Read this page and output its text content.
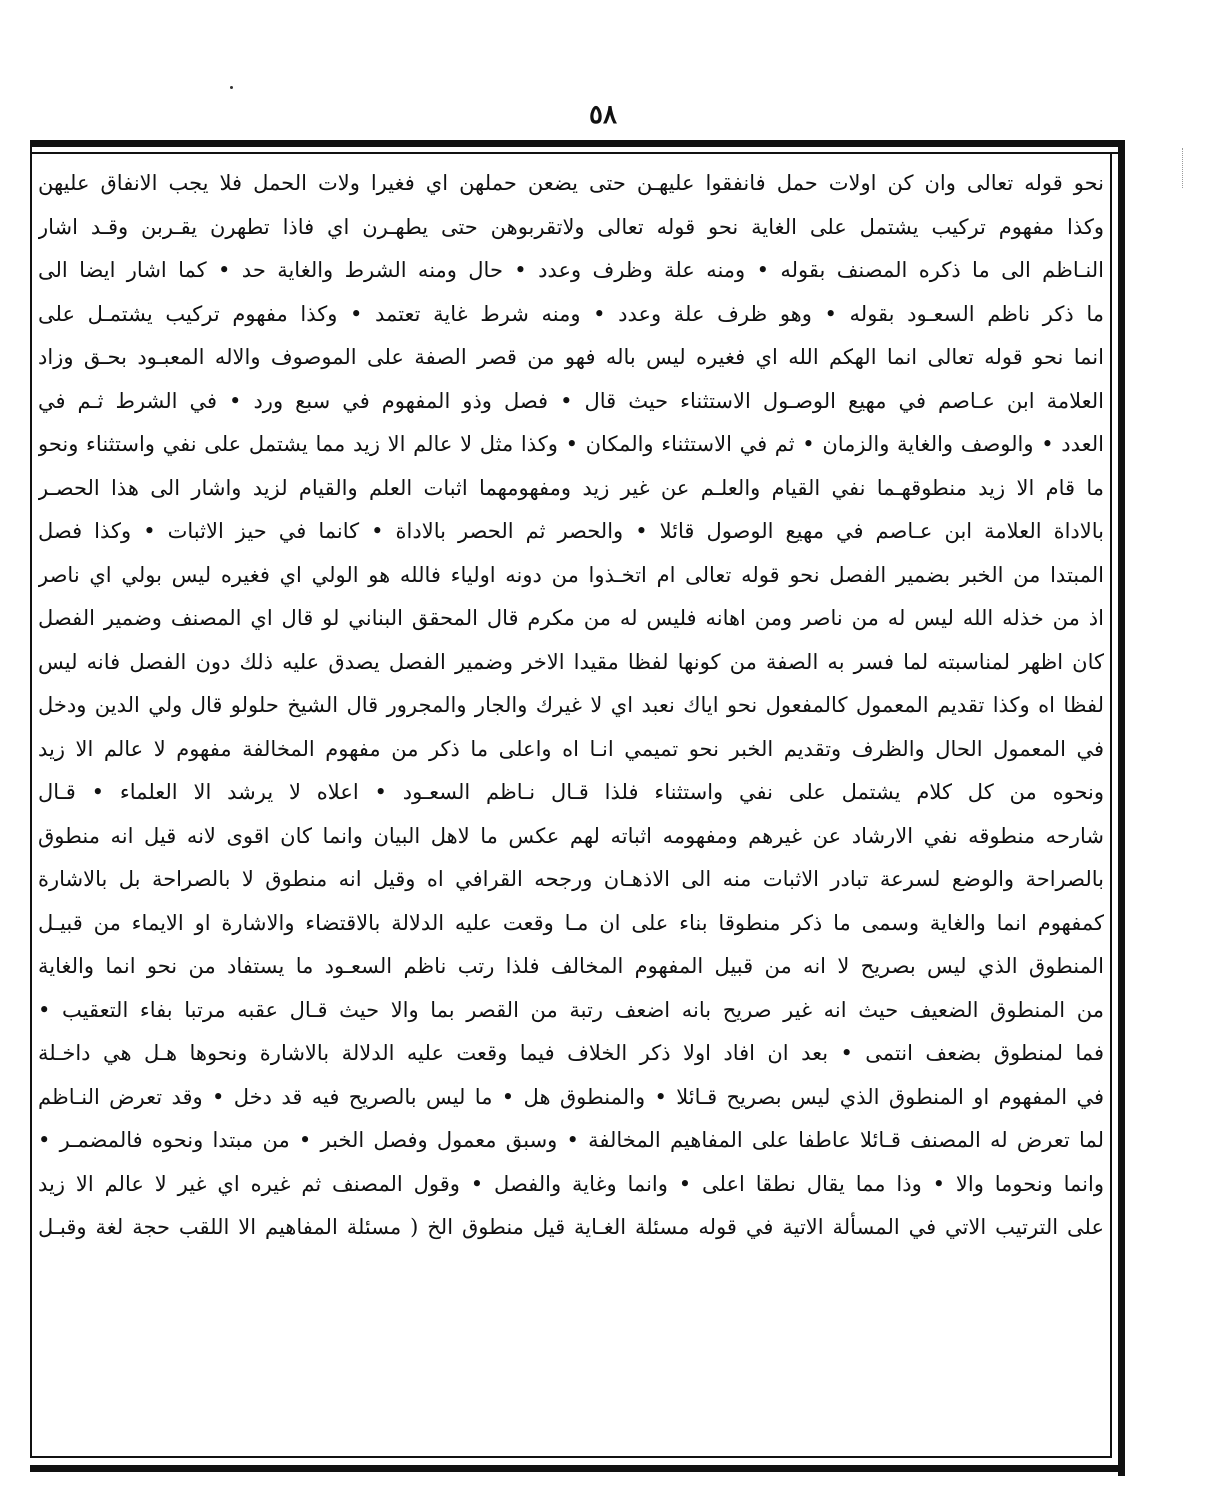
٥٨
نحو قوله تعالى وان كن اولات حمل فانفقوا عليهـن حتى يضعن حملهن اي فغيرا ولات الحمل فلا يجب الانفاق عليهن
وكذا مفهوم تركيب يشتمل على الغاية نحو قوله تعالى ولاتقربوهن حتى يطهـرن اي فاذا تطهرن يقـربن وقـد اشار
النـاظم الى ما ذكره المصنف بقوله • ومنه علة وظرف وعدد • حال ومنه الشرط والغاية حد • كما اشار ايضا الى
ما ذكر ناظم السعـود بقوله • وهو ظرف علة وعدد • ومنه شرط غاية تعتمد • وكذا مفهوم تركيب يشتمـل على
انما نحو قوله تعالى انما الهكم الله اي فغيره ليس باله فهو من قصر الصفة على الموصوف والاله المعبـود بحـق وزاد
العلامة ابن عـاصم في مهيع الوصـول الاستثناء حيث قال • فصل وذو المفهوم في سبع ورد • في الشرط ثـم في
العدد • والوصف والغاية والزمان • ثم في الاستثناء والمكان • وكذا مثل لا عالم الا زيد مما يشتمل على نفي واستثناء ونحو
ما قام الا زيد منطوقهـما نفي القيام والعلـم عن غير زيد ومفهومهما اثبات العلم والقيام لزيد واشار الى هذا الحصـر
بالاداة العلامة ابن عـاصم في مهيع الوصول قائلا • والحصر ثم الحصر بالاداة • كانما في حيز الاثبات • وكذا فصل
المبتدا من الخبر بضمير الفصل نحو قوله تعالى ام اتخـذوا من دونه اولياء فالله هو الولي اي فغيره ليس بولي اي ناصر
اذ من خذله الله ليس له من ناصر ومن اهانه فليس له من مكرم قال المحقق البناني لو قال اي المصنف وضمير الفصل
كان اظهر لمناسبته لما فسر به الصفة من كونها لفظا مقيدا الاخر وضمير الفصل يصدق عليه ذلك دون الفصل فانه ليس
لفظا اه وكذا تقديم المعمول كالمفعول نحو اياك نعبد اي لا غيرك والجار والمجرور قال الشيخ حلولو قال ولي الدين ودخل
في المعمول الحال والظرف وتقديم الخبر نحو تميمي انـا اه واعلى ما ذكر من مفهوم المخالفة مفهوم لا عالم الا زيد
ونحوه من كل كلام يشتمل على نفي واستثناء فلذا قـال نـاظم السعـود • اعلاه لا يرشد الا العلماء • قـال
شارحه منطوقه نفي الارشاد عن غيرهم ومفهومه اثباته لهم عكس ما لاهل البيان وانما كان اقوى لانه قيل انه منطوق
بالصراحة والوضع لسرعة تبادر الاثبات منه الى الاذهـان ورجحه القرافي اه وقيل انه منطوق لا بالصراحة بل بالاشارة
كمفهوم انما والغاية وسمى ما ذكر منطوقا بناء على ان مـا وقعت عليه الدلالة بالاقتضاء والاشارة او الايماء من قبيـل
المنطوق الذي ليس بصريح لا انه من قبيل المفهوم المخالف فلذا رتب ناظم السعـود ما يستفاد من نحو انما والغاية
من المنطوق الضعيف حيث انه غير صريح بانه اضعف رتبة من القصر بما والا حيث قـال عقبه مرتبا بفاء التعقيب •
فما لمنطوق بضعف انتمى • بعد ان افاد اولا ذكر الخلاف فيما وقعت عليه الدلالة بالاشارة ونحوها هـل هي داخـلة
في المفهوم او المنطوق الذي ليس بصريح قـائلا • والمنطوق هل • ما ليس بالصريح فيه قد دخل • وقد تعرض النـاظم
لما تعرض له المصنف قـائلا عاطفا على المفاهيم المخالفة • وسبق معمول وفصل الخبر • من مبتدا ونحوه فالمضمـر •
وانما ونحوما والا • وذا مما يقال نطقا اعلى • وانما وغاية والفصل • وقول المصنف ثم غيره اي غير لا عالم الا زيد
على الترتيب الاتي في المسألة الاتية في قوله مسئلة الغـاية قيل منطوق الخ ( مسئلة المفاهيم الا اللقب حجة لغة وقبـل
